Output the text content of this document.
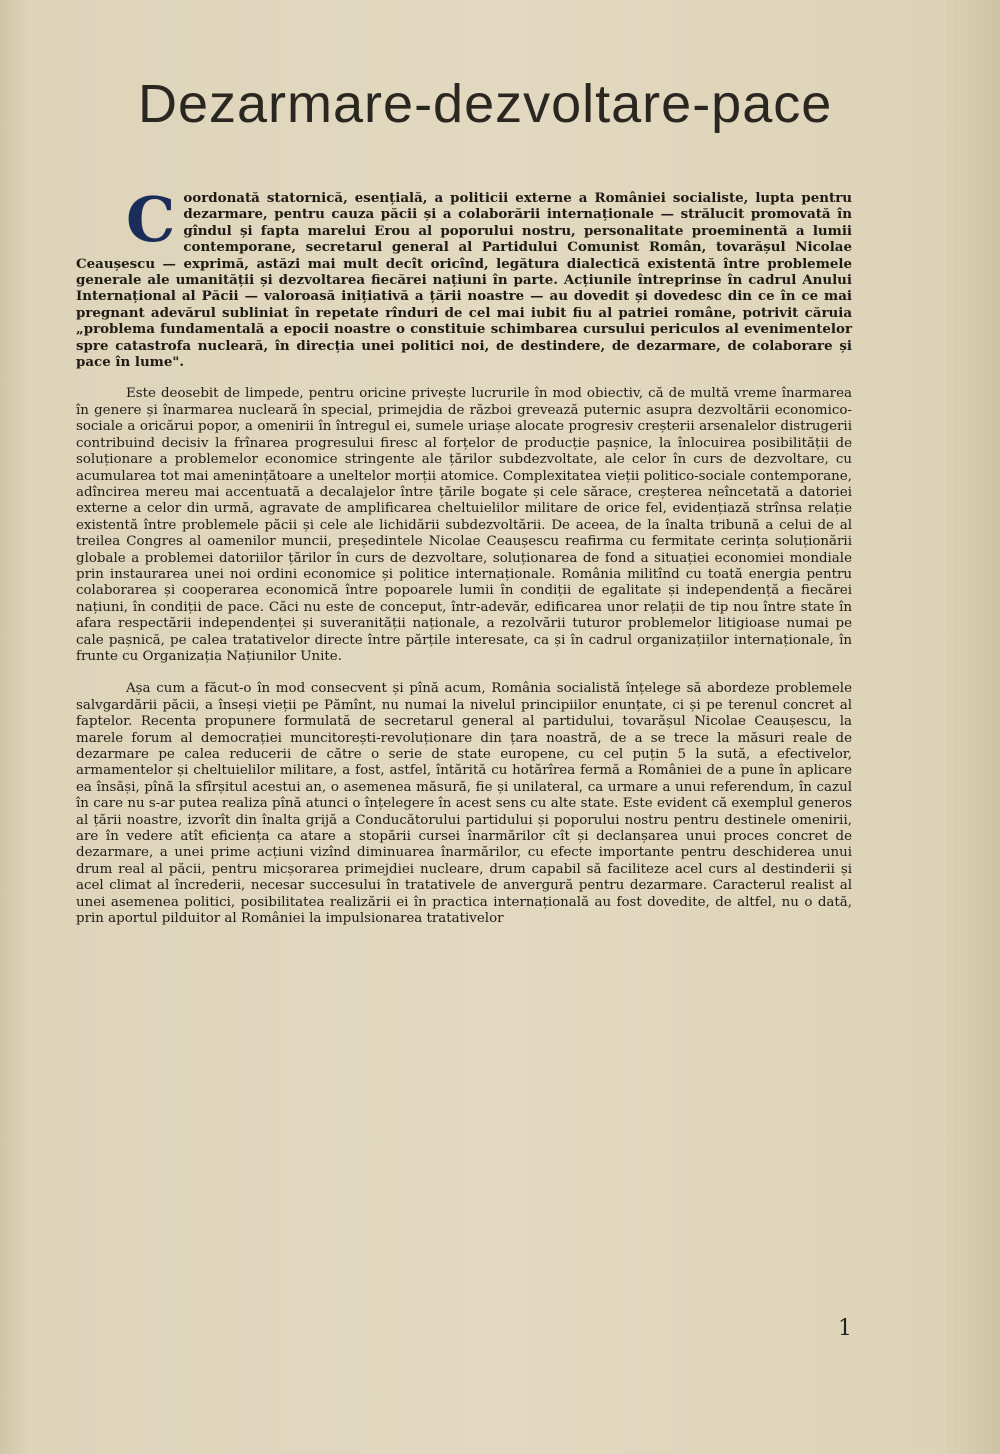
Dezarmare-dezvoltare-pace

Coordonată statornică, esențială, a politicii externe a României socialiste, lupta pentru dezarmare, pentru cauza păcii și a colaborării internaționale — strălucit promovată în gîndul și fapta marelui Erou al poporului nostru, personalitate proeminentă a lumii contemporane, secretarul general al Partidului Comunist Român, tovarășul Nicolae Ceaușescu — exprimă, astăzi mai mult decît oricînd, legătura dialectică existentă între problemele generale ale umanității și dezvoltarea fiecărei națiuni în parte. Acțiunile întreprinse în cadrul Anului Internațional al Păcii — valoroasă inițiativă a țării noastre — au dovedit și dovedesc din ce în ce mai pregnant adevărul subliniat în repetate rînduri de cel mai iubit fiu al patriei române, potrivit căruia „problema fundamentală a epocii noastre o constituie schimbarea cursului periculos al evenimentelor spre catastrofa nucleară, în direcția unei politici noi, de destindere, de dezarmare, de colaborare și pace în lume".

Este deosebit de limpede, pentru oricine privește lucrurile în mod obiectiv, că de multă vreme înarmarea în genere și înarmarea nucleară în special, primejdia de război grevează puternic asupra dezvoltării economico-sociale a oricărui popor, a omenirii în întregul ei, sumele uriașe alocate progresiv creșterii arsenalelor distrugerii contribuind decisiv la frînarea progresului firesc al forțelor de producție pașnice, la înlocuirea posibilității de soluționare a problemelor economice stringente ale țărilor subdezvoltate, ale celor în curs de dezvoltare, cu acumularea tot mai amenințătoare a uneltelor morții atomice. Complexitatea vieții politico-sociale contemporane, adîncirea mereu mai accentuată a decalajelor între țările bogate și cele sărace, creșterea neîncetată a datoriei externe a celor din urmă, agravate de amplificarea cheltuielilor militare de orice fel, evidențiază strînsa relație existentă între problemele păcii și cele ale lichidării subdezvoltării. De aceea, de la înalta tribună a celui de al treilea Congres al oamenilor muncii, președintele Nicolae Ceaușescu reafirma cu fermitate cerința soluționării globale a problemei datoriilor țărilor în curs de dezvoltare, soluționarea de fond a situației economiei mondiale prin instaurarea unei noi ordini economice și politice internaționale. România militînd cu toată energia pentru colaborarea și cooperarea economică între popoarele lumii în condiții de egalitate și independență a fiecărei națiuni, în condiții de pace. Căci nu este de conceput, într-adevăr, edificarea unor relații de tip nou între state în afara respectării independenței și suveranității naționale, a rezolvării tuturor problemelor litigioase numai pe cale pașnică, pe calea tratativelor directe între părțile interesate, ca și în cadrul organizațiilor internaționale, în frunte cu Organizația Națiunilor Unite.

Așa cum a făcut-o în mod consecvent și pînă acum, România socialistă înțelege să abordeze problemele salvgardării păcii, a înseși vieții pe Pămînt, nu numai la nivelul principiilor enunțate, ci și pe terenul concret al faptelor. Recenta propunere formulată de secretarul general al partidului, tovarășul Nicolae Ceaușescu, la marele forum al democrației muncitorești-revoluționare din țara noastră, de a se trece la măsuri reale de dezarmare pe calea reducerii de către o serie de state europene, cu cel puțin 5 la sută, a efectivelor, armamentelor și cheltuielilor militare, a fost, astfel, întărită cu hotărîrea fermă a României de a pune în aplicare ea însăși, pînă la sfîrșitul acestui an, o asemenea măsură, fie și unilateral, ca urmare a unui referendum, în cazul în care nu s-ar putea realiza pînă atunci o înțelegere în acest sens cu alte state. Este evident că exemplul generos al țării noastre, izvorît din înalta grijă a Conducătorului partidului și poporului nostru pentru destinele omenirii, are în vedere atît eficiența ca atare a stopării cursei înarmărilor cît și declanșarea unui proces concret de dezarmare, a unei prime acțiuni vizînd diminuarea înarmărilor, cu efecte importante pentru deschiderea unui drum real al păcii, pentru micșorarea primejdiei nucleare, drum capabil să faciliteze acel curs al destinderii și acel climat al încrederii, necesar succesului în tratativele de anvergură pentru dezarmare. Caracterul realist al unei asemenea politici, posibilitatea realizării ei în practica internațională au fost dovedite, de altfel, nu o dată, prin aportul pilduitor al României la impulsionarea tratativelor

1
